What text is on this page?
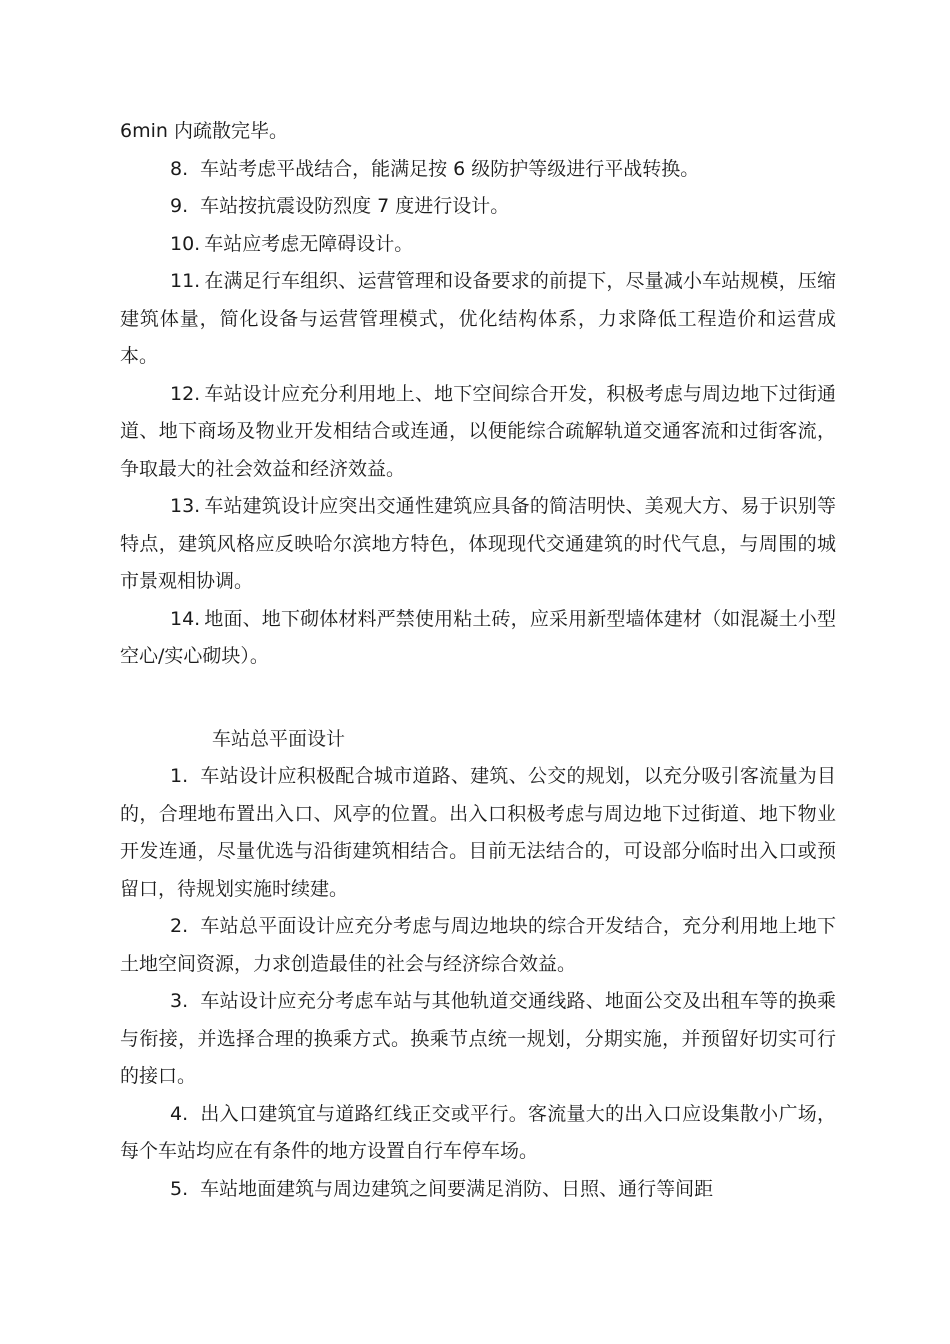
6min 内疏散完毕。

8. 车站考虑平战结合，能满足按 6 级防护等级进行平战转换。

9. 车站按抗震设防烈度 7 度进行设计。

10. 车站应考虑无障碍设计。

11. 在满足行车组织、运营管理和设备要求的前提下，尽量减小车站规模，压缩建筑体量，简化设备与运营管理模式，优化结构体系，力求降低工程造价和运营成本。

12. 车站设计应充分利用地上、地下空间综合开发，积极考虑与周边地下过街通道、地下商场及物业开发相结合或连通，以便能综合疏解轨道交通客流和过街客流，争取最大的社会效益和经济效益。

13. 车站建筑设计应突出交通性建筑应具备的简洁明快、美观大方、易于识别等特点，建筑风格应反映哈尔滨地方特色，体现现代交通建筑的时代气息，与周围的城市景观相协调。

14. 地面、地下砌体材料严禁使用粘土砖，应采用新型墙体建材（如混凝土小型空心/实心砌块）。

车站总平面设计

1. 车站设计应积极配合城市道路、建筑、公交的规划，以充分吸引客流量为目的，合理地布置出入口、风亭的位置。出入口积极考虑与周边地下过街道、地下物业开发连通，尽量优选与沿街建筑相结合。目前无法结合的，可设部分临时出入口或预留口，待规划实施时续建。

2. 车站总平面设计应充分考虑与周边地块的综合开发结合，充分利用地上地下土地空间资源，力求创造最佳的社会与经济综合效益。

3. 车站设计应充分考虑车站与其他轨道交通线路、地面公交及出租车等的换乘与衔接，并选择合理的换乘方式。换乘节点统一规划，分期实施，并预留好切实可行的接口。

4. 出入口建筑宜与道路红线正交或平行。客流量大的出入口应设集散小广场，每个车站均应在有条件的地方设置自行车停车场。

5. 车站地面建筑与周边建筑之间要满足消防、日照、通行等间距
